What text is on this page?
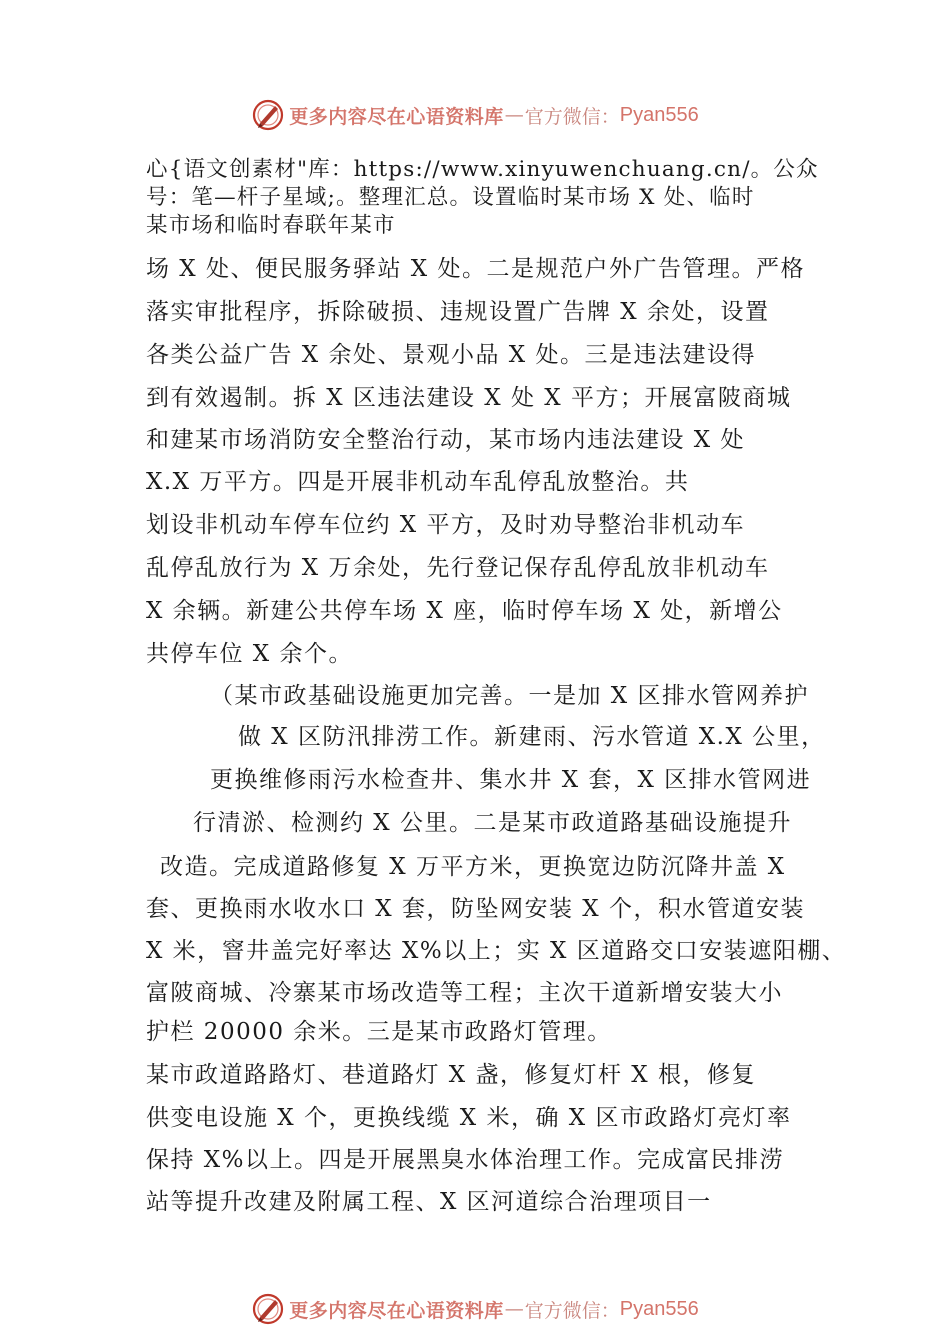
更多内容尽在心语资料库 — 官方微信： Pyan556
心{语文创素材"库：https://www.xinyuwenchuang.cn/。公众
号：笔—杆子星域;。整理汇总。设置临时某市场 X 处、临时
某市场和临时春联年某市
场 X 处、便民服务驿站 X 处。二是规范户外广告管理。严格
落实审批程序，拆除破损、违规设置广告牌 X 余处，设置
各类公益广告 X 余处、景观小品 X 处。三是违法建设得
到有效遏制。拆 X 区违法建设 X 处 X 平方；开展富陂商城
和建某市场消防安全整治行动，某市场内违法建设 X 处
X.X 万平方。四是开展非机动车乱停乱放整治。共
划设非机动车停车位约 X 平方，及时劝导整治非机动车
乱停乱放行为 X 万余处，先行登记保存乱停乱放非机动车
X 余辆。新建公共停车场 X 座，临时停车场 X 处，新增公
共停车位 X 余个。
（某市政基础设施更加完善。一是加 X 区排水管网养护
做 X 区防汛排涝工作。新建雨、污水管道 X.X 公里，
更换维修雨污水检查井、集水井 X 套，X 区排水管网进
行清淤、检测约 X 公里。二是某市政道路基础设施提升
改造。完成道路修复 X 万平方米，更换宽边防沉降井盖 X
套、更换雨水收水口 X 套，防坠网安装 X 个，积水管道安装
X 米，窨井盖完好率达 X%以上；实 X 区道路交口安装遮阳棚、
富陂商城、冷寨某市场改造等工程；主次干道新增安装大小
护栏 20000 余米。三是某市政路灯管理。
某市政道路路灯、巷道路灯 X 盏，修复灯杆 X 根，修复
供变电设施 X 个，更换线缆 X 米，确 X 区市政路灯亮灯率
保持 X%以上。四是开展黑臭水体治理工作。完成富民排涝
站等提升改建及附属工程、X 区河道综合治理项目一
更多内容尽在心语资料库 — 官方微信： Pyan556
